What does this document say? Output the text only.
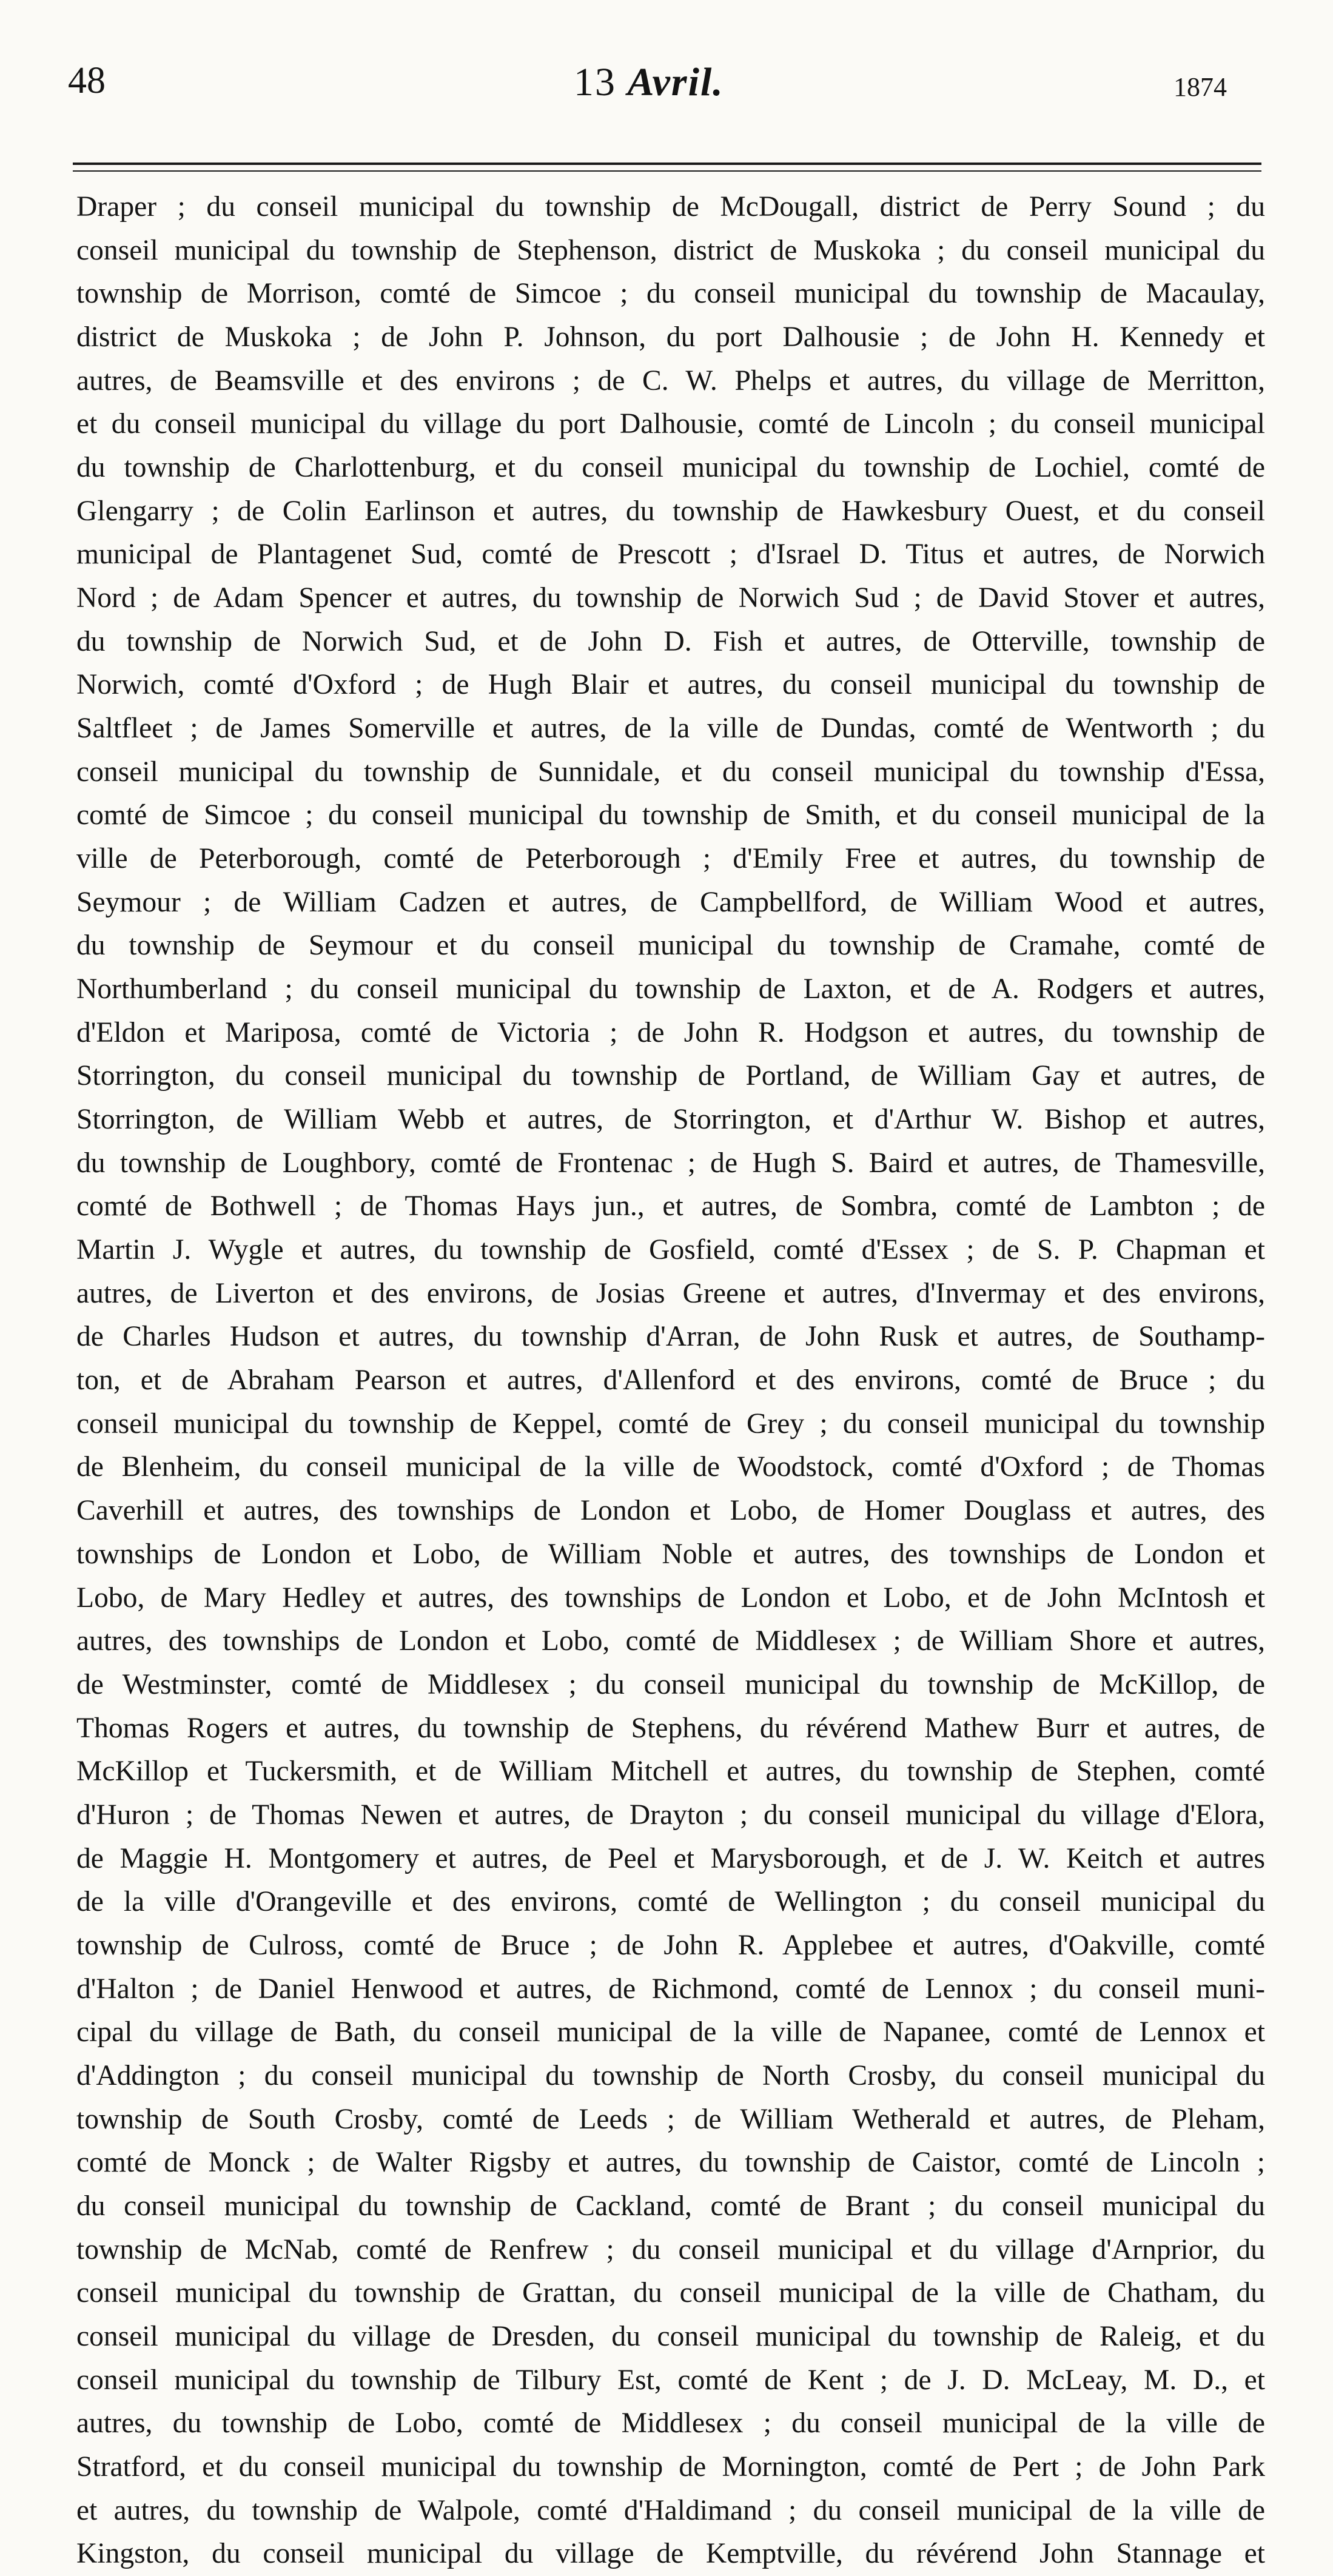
48	13 Avril.	1874
Draper ; du conseil municipal du township de McDougall, district de Perry Sound ; du
conseil municipal du township de Stephenson, district de Muskoka ; du conseil municipal du
township de Morrison, comté de Simcoe ; du conseil municipal du township de Macaulay,
district de Muskoka ; de John P. Johnson, du port Dalhousie ; de John H. Kennedy et
autres, de Beamsville et des environs ; de C. W. Phelps et autres, du village de Merritton,
et du conseil municipal du village du port Dalhousie, comté de Lincoln ; du conseil municipal
du township de Charlottenburg, et du conseil municipal du township de Lochiel, comté de
Glengarry ; de Colin Earlinson et autres, du township de Hawkesbury Ouest, et du conseil
municipal de Plantagenet Sud, comté de Prescott ; d'Israel D. Titus et autres, de Norwich
Nord ; de Adam Spencer et autres, du township de Norwich Sud ; de David Stover et autres,
du township de Norwich Sud, et de John D. Fish et autres, de Otterville, township de
Norwich, comté d'Oxford ; de Hugh Blair et autres, du conseil municipal du township de
Saltfleet ; de James Somerville et autres, de la ville de Dundas, comté de Wentworth ; du
conseil municipal du township de Sunnidale, et du conseil municipal du township d'Essa,
comté de Simcoe ; du conseil municipal du township de Smith, et du conseil municipal de la
ville de Peterborough, comté de Peterborough ; d'Emily Free et autres, du township de
Seymour ; de William Cadzen et autres, de Campbellford, de William Wood et autres,
du township de Seymour et du conseil municipal du township de Cramahe, comté de
Northumberland ; du conseil municipal du township de Laxton, et de A. Rodgers et autres,
d'Eldon et Mariposa, comté de Victoria ; de John R. Hodgson et autres, du township de
Storrington, du conseil municipal du township de Portland, de William Gay et autres, de
Storrington, de William Webb et autres, de Storrington, et d'Arthur W. Bishop et autres,
du township de Loughbory, comté de Frontenac ; de Hugh S. Baird et autres, de Thamesville,
comté de Bothwell ; de Thomas Hays jun., et autres, de Sombra, comté de Lambton ; de
Martin J. Wygle et autres, du township de Gosfield, comté d'Essex ; de S. P. Chapman et
autres, de Liverton et des environs, de Josias Greene et autres, d'Invermay et des environs,
de Charles Hudson et autres, du township d'Arran, de John Rusk et autres, de Southamp-
ton, et de Abraham Pearson et autres, d'Allenford et des environs, comté de Bruce ; du
conseil municipal du township de Keppel, comté de Grey ; du conseil municipal du township
de Blenheim, du conseil municipal de la ville de Woodstock, comté d'Oxford ; de Thomas
Caverhill et autres, des townships de London et Lobo, de Homer Douglass et autres, des
townships de London et Lobo, de William Noble et autres, des townships de London et
Lobo, de Mary Hedley et autres, des townships de London et Lobo, et de John McIntosh et
autres, des townships de London et Lobo, comté de Middlesex ; de William Shore et autres,
de Westminster, comté de Middlesex ; du conseil municipal du township de McKillop, de
Thomas Rogers et autres, du township de Stephens, du révérend Mathew Burr et autres, de
McKillop et Tuckersmith, et de William Mitchell et autres, du township de Stephen, comté
d'Huron ; de Thomas Newen et autres, de Drayton ; du conseil municipal du village d'Elora,
de Maggie H. Montgomery et autres, de Peel et Marysborough, et de J. W. Keitch et autres
de la ville d'Orangeville et des environs, comté de Wellington ; du conseil municipal du
township de Culross, comté de Bruce ; de John R. Applebee et autres, d'Oakville, comté
d'Halton ; de Daniel Henwood et autres, de Richmond, comté de Lennox ; du conseil muni-
cipal du village de Bath, du conseil municipal de la ville de Napanee, comté de Lennox et
d'Addington ; du conseil municipal du township de North Crosby, du conseil municipal du
township de South Crosby, comté de Leeds ; de William Wetherald et autres, de Pleham,
comté de Monck ; de Walter Rigsby et autres, du township de Caistor, comté de Lincoln ;
du conseil municipal du township de Cackland, comté de Brant ; du conseil municipal du
township de McNab, comté de Renfrew ; du conseil municipal et du village d'Arnprior, du
conseil municipal du township de Grattan, du conseil municipal de la ville de Chatham, du
conseil municipal du village de Dresden, du conseil municipal du township de Raleig, et du
conseil municipal du township de Tilbury Est, comté de Kent ; de J. D. McLeay, M. D., et
autres, du township de Lobo, comté de Middlesex ; du conseil municipal de la ville de
Stratford, et du conseil municipal du township de Mornington, comté de Pert ; de John Park
et autres, du township de Walpole, comté d'Haldimand ; du conseil municipal de la ville de
Kingston, du conseil municipal du village de Kemptville, du révérend John Stannage et
